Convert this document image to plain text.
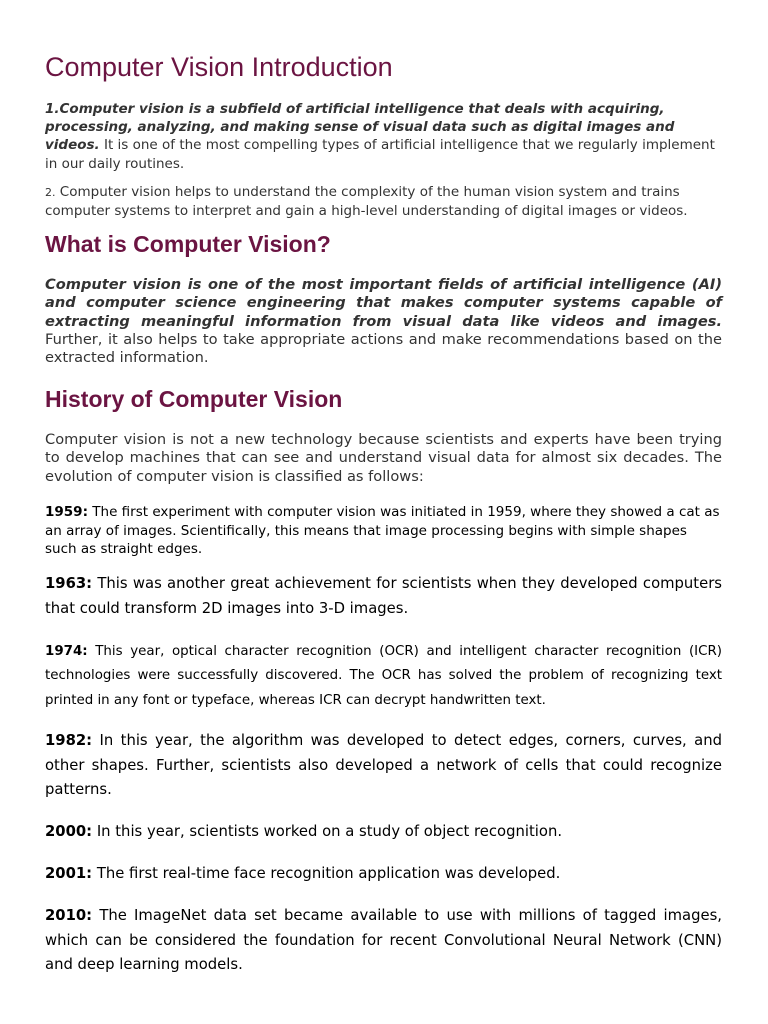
Computer Vision Introduction

1.Computer vision is a subfield of artificial intelligence that deals with acquiring, processing, analyzing, and making sense of visual data such as digital images and videos. It is one of the most compelling types of artificial intelligence that we regularly implement in our daily routines.

2. Computer vision helps to understand the complexity of the human vision system and trains computer systems to interpret and gain a high-level understanding of digital images or videos.

What is Computer Vision?

Computer vision is one of the most important fields of artificial intelligence (AI) and computer science engineering that makes computer systems capable of extracting meaningful information from visual data like videos and images. Further, it also helps to take appropriate actions and make recommendations based on the extracted information.

History of Computer Vision

Computer vision is not a new technology because scientists and experts have been trying to develop machines that can see and understand visual data for almost six decades. The evolution of computer vision is classified as follows:

1959: The first experiment with computer vision was initiated in 1959, where they showed a cat as an array of images. Scientifically, this means that image processing begins with simple shapes such as straight edges.

1963: This was another great achievement for scientists when they developed computers that could transform 2D images into 3-D images.

1974: This year, optical character recognition (OCR) and intelligent character recognition (ICR) technologies were successfully discovered. The OCR has solved the problem of recognizing text printed in any font or typeface, whereas ICR can decrypt handwritten text.

1982: In this year, the algorithm was developed to detect edges, corners, curves, and other shapes. Further, scientists also developed a network of cells that could recognize patterns.

2000: In this year, scientists worked on a study of object recognition.

2001: The first real-time face recognition application was developed.

2010: The ImageNet data set became available to use with millions of tagged images, which can be considered the foundation for recent Convolutional Neural Network (CNN) and deep learning models.
